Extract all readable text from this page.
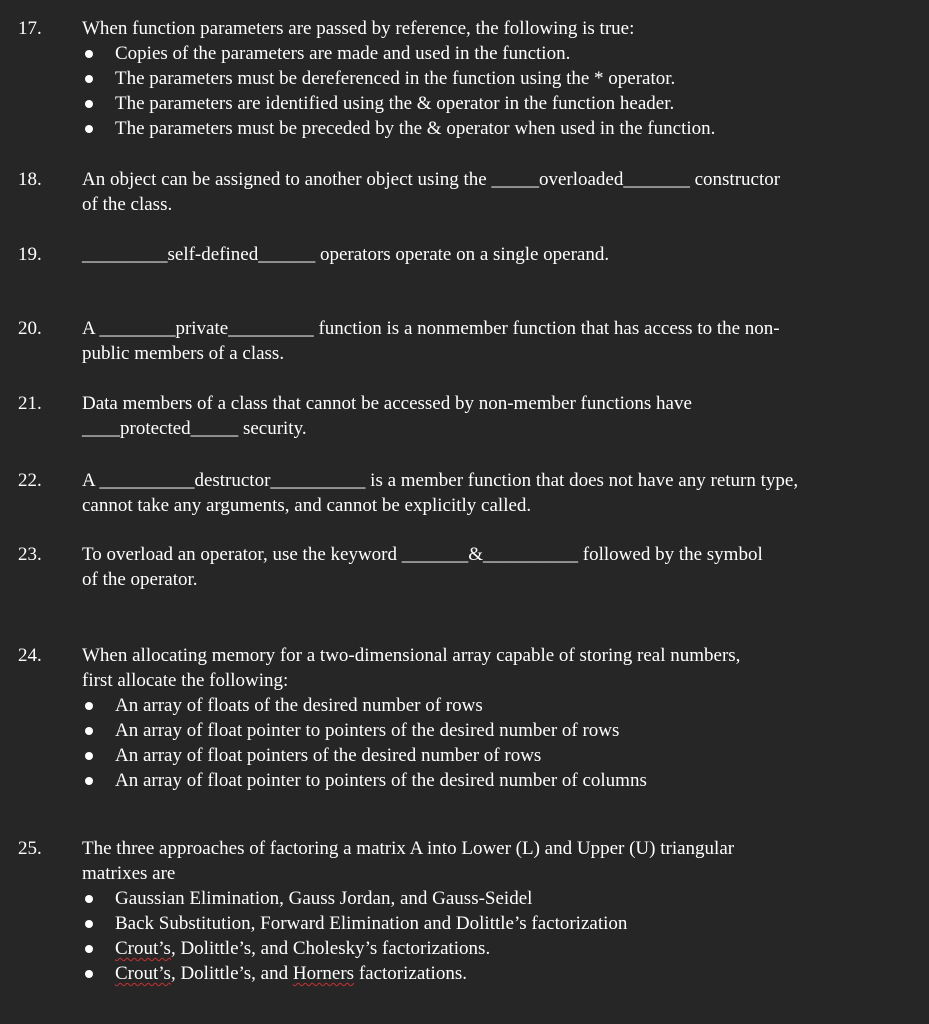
17. When function parameters are passed by reference, the following is true:
Copies of the parameters are made and used in the function.
The parameters must be dereferenced in the function using the * operator.
The parameters are identified using the & operator in the function header.
The parameters must be preceded by the & operator when used in the function.
18. An object can be assigned to another object using the _____overloaded_______ constructor
of the class.
19. _________self-defined______ operators operate on a single operand.
20. A ________private_________ function is a nonmember function that has access to the non-
public members of a class.
21. Data members of a class that cannot be accessed by non-member functions have
____protected_____ security.
22. A __________destructor__________ is a member function that does not have any return type,
cannot take any arguments, and cannot be explicitly called.
23. To overload an operator, use the keyword _______&__________ followed by the symbol
of the operator.
24. When allocating memory for a two-dimensional array capable of storing real numbers,
first allocate the following:
An array of floats of the desired number of rows
An array of float pointer to pointers of the desired number of rows
An array of float pointers of the desired number of rows
An array of float pointer to pointers of the desired number of columns
25. The three approaches of factoring a matrix A into Lower (L) and Upper (U) triangular
matrixes are
Gaussian Elimination, Gauss Jordan, and Gauss-Seidel
Back Substitution, Forward Elimination and Dolittle’s factorization
Crout’s, Dolittle’s, and Cholesky’s factorizations.
Crout’s, Dolittle’s, and Horners factorizations.
